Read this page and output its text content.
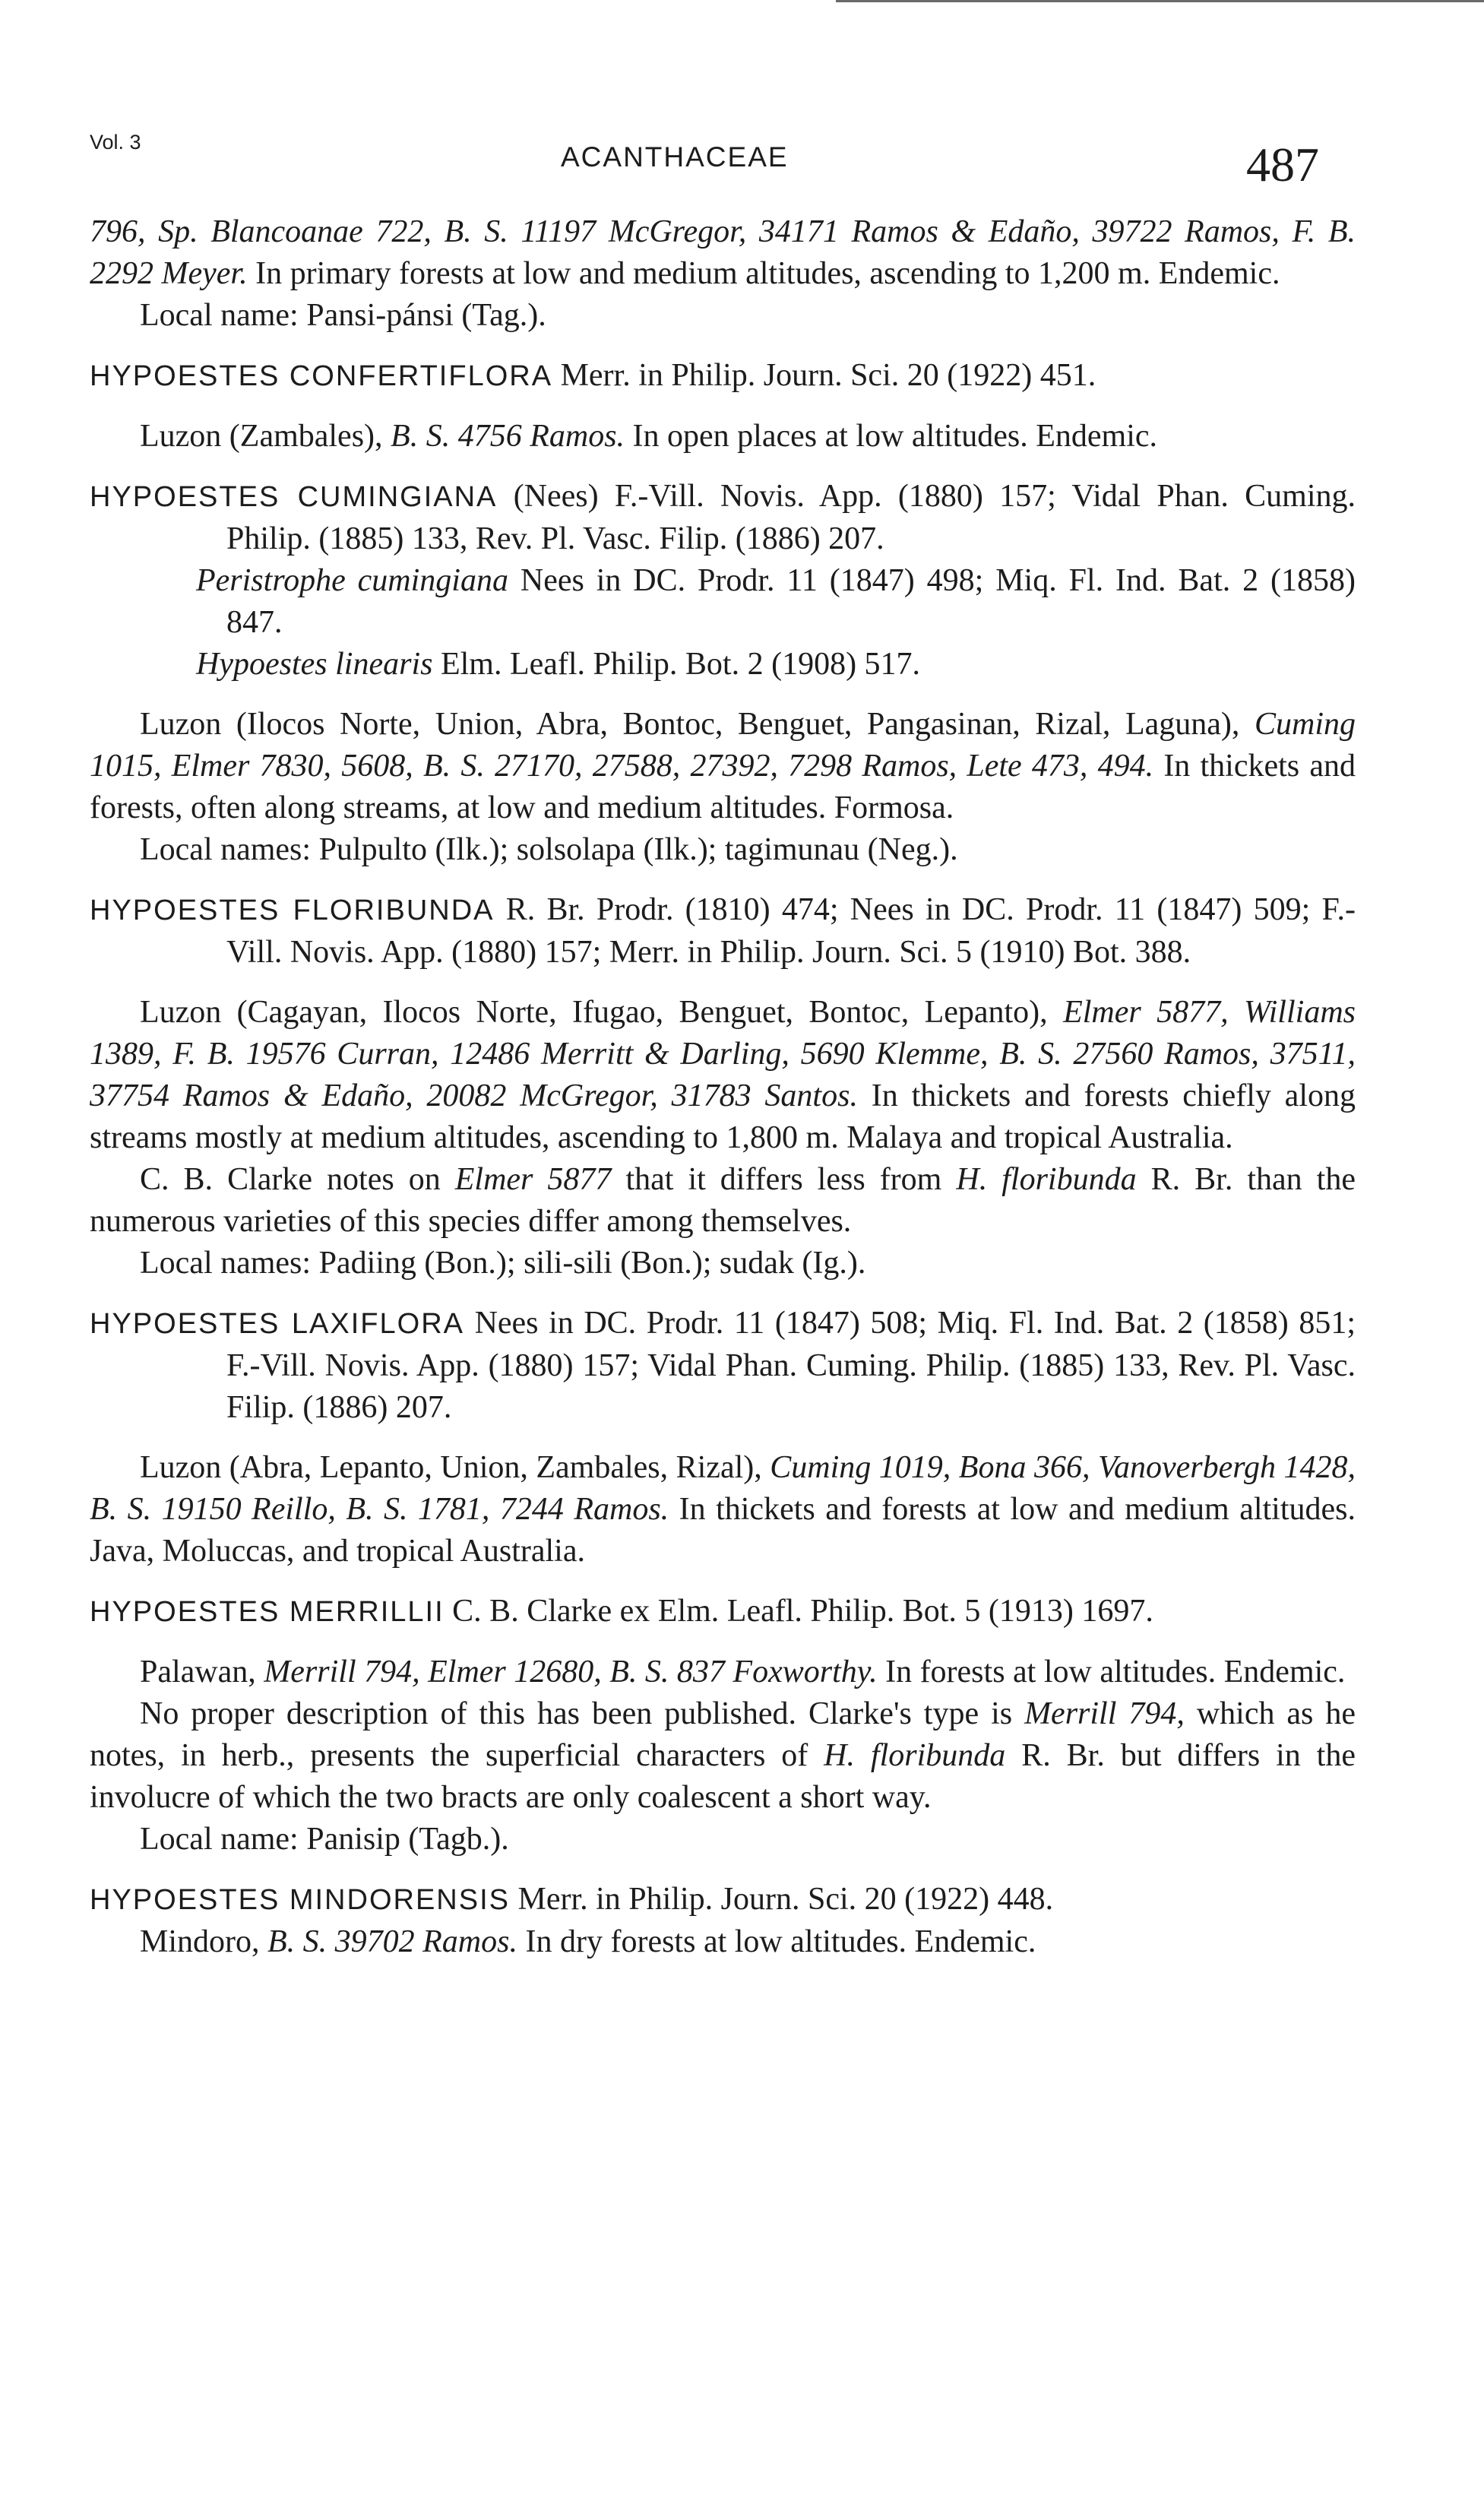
Vol. 3	ACANTHACEAE	487

796, Sp. Blancoanae 722, B. S. 11197 McGregor, 34171 Ramos & Edaño, 39722 Ramos, F. B. 2292 Meyer. In primary forests at low and medium altitudes, ascending to 1,200 m. Endemic.

Local name: Pansi-pánsi (Tag.).

HYPOESTES CONFERTIFLORA Merr. in Philip. Journ. Sci. 20 (1922) 451.

Luzon (Zambales), B. S. 4756 Ramos. In open places at low altitudes. Endemic.

HYPOESTES CUMINGIANA (Nees) F.-Vill. Novis. App. (1880) 157; Vidal Phan. Cuming. Philip. (1885) 133, Rev. Pl. Vasc. Filip. (1886) 207.

Peristrophe cumingiana Nees in DC. Prodr. 11 (1847) 498; Miq. Fl. Ind. Bat. 2 (1858) 847.

Hypoestes linearis Elm. Leafl. Philip. Bot. 2 (1908) 517.

Luzon (Ilocos Norte, Union, Abra, Bontoc, Benguet, Pangasinan, Rizal, Laguna), Cuming 1015, Elmer 7830, 5608, B. S. 27170, 27588, 27392, 7298 Ramos, Lete 473, 494. In thickets and forests, often along streams, at low and medium altitudes. Formosa.

Local names: Pulpulto (Ilk.); solsolapa (Ilk.); tagimunau (Neg.).

HYPOESTES FLORIBUNDA R. Br. Prodr. (1810) 474; Nees in DC. Prodr. 11 (1847) 509; F.-Vill. Novis. App. (1880) 157; Merr. in Philip. Journ. Sci. 5 (1910) Bot. 388.

Luzon (Cagayan, Ilocos Norte, Ifugao, Benguet, Bontoc, Lepanto), Elmer 5877, Williams 1389, F. B. 19576 Curran, 12486 Merritt & Darling, 5690 Klemme, B. S. 27560 Ramos, 37511, 37754 Ramos & Edaño, 20082 McGregor, 31783 Santos. In thickets and forests chiefly along streams mostly at medium altitudes, ascending to 1,800 m. Malaya and tropical Australia.

C. B. Clarke notes on Elmer 5877 that it differs less from H. floribunda R. Br. than the numerous varieties of this species differ among themselves.

Local names: Padiing (Bon.); sili-sili (Bon.); sudak (Ig.).

HYPOESTES LAXIFLORA Nees in DC. Prodr. 11 (1847) 508; Miq. Fl. Ind. Bat. 2 (1858) 851; F.-Vill. Novis. App. (1880) 157; Vidal Phan. Cuming. Philip. (1885) 133, Rev. Pl. Vasc. Filip. (1886) 207.

Luzon (Abra, Lepanto, Union, Zambales, Rizal), Cuming 1019, Bona 366, Vanoverbergh 1428, B. S. 19150 Reillo, B. S. 1781, 7244 Ramos. In thickets and forests at low and medium altitudes. Java, Moluccas, and tropical Australia.

HYPOESTES MERRILLII C. B. Clarke ex Elm. Leafl. Philip. Bot. 5 (1913) 1697.

Palawan, Merrill 794, Elmer 12680, B. S. 837 Foxworthy. In forests at low altitudes. Endemic.

No proper description of this has been published. Clarke's type is Merrill 794, which as he notes, in herb., presents the superficial characters of H. floribunda R. Br. but differs in the involucre of which the two bracts are only coalescent a short way.

Local name: Panisip (Tagb.).

HYPOESTES MINDORENSIS Merr. in Philip. Journ. Sci. 20 (1922) 448.

Mindoro, B. S. 39702 Ramos. In dry forests at low altitudes. Endemic.
